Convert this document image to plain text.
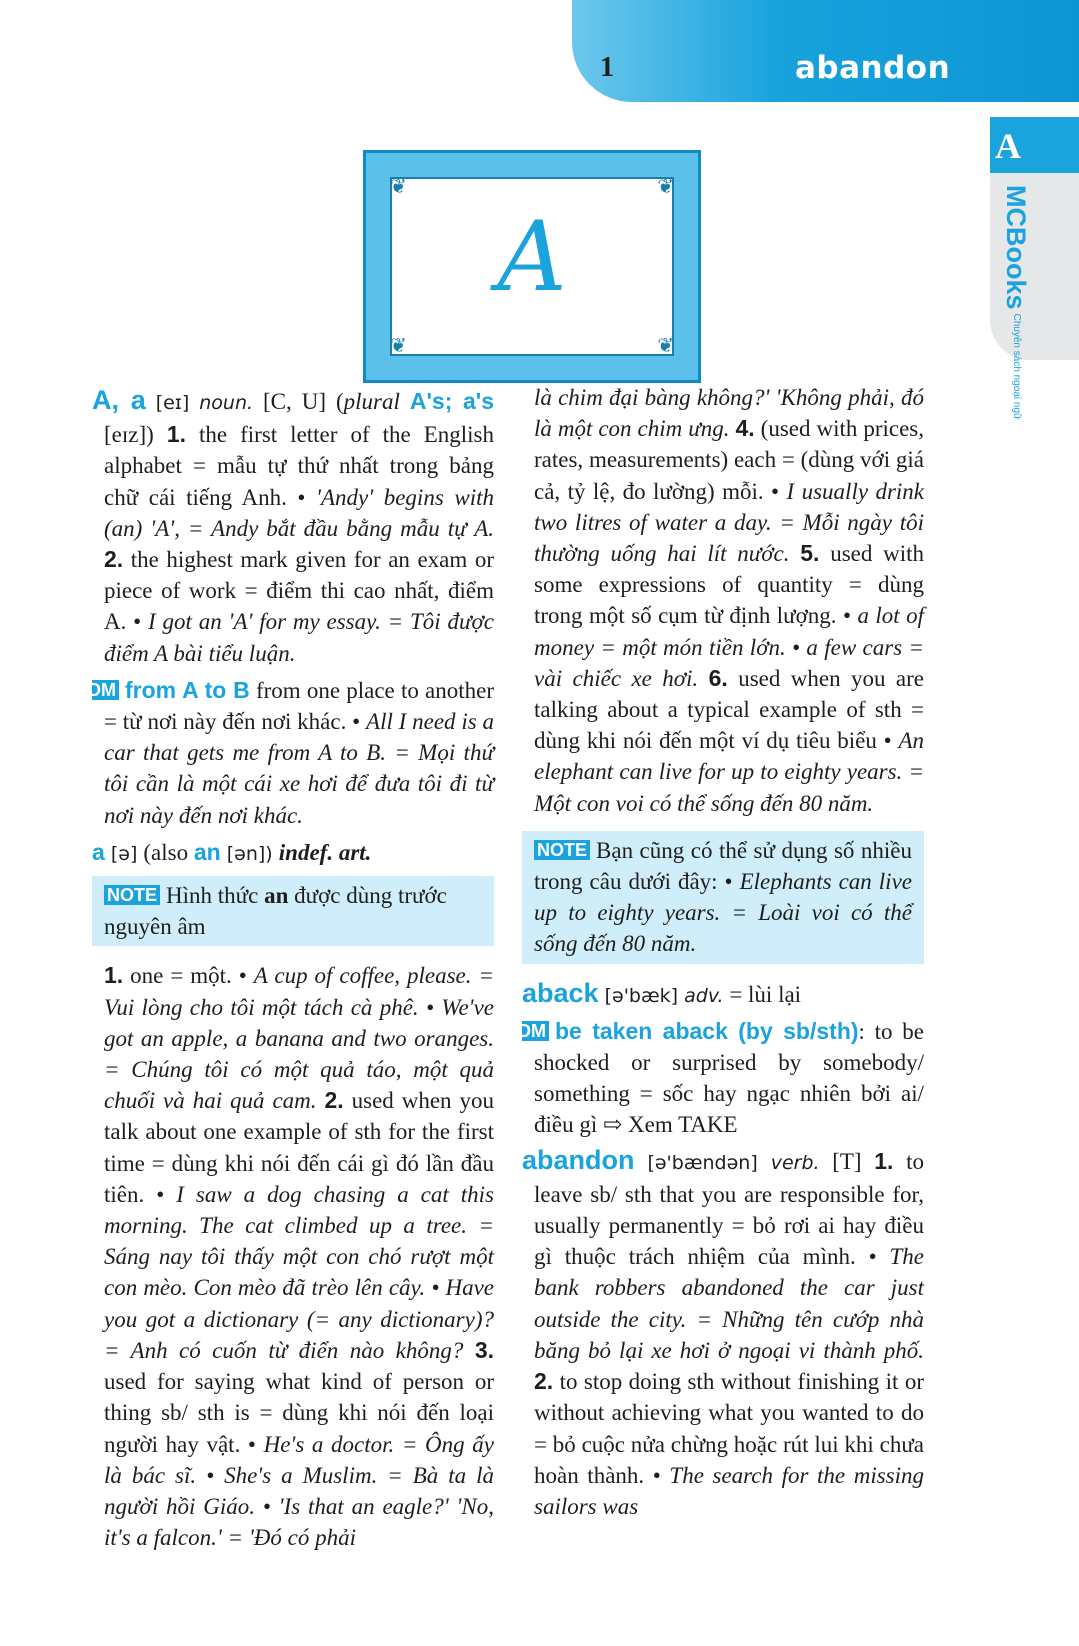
1	abandon
A
MCBooks Chuyên sách ngoại ngữ
❦	❦
❦	❦
A

A, a [eɪ] noun. [C, U] (plural A's; a's [eɪz]) 1. the first letter of the English alphabet = mẫu tự thứ nhất trong bảng chữ cái tiếng Anh. • 'Andy' begins with (an) 'A', = Andy bắt đầu bằng mẫu tự A. 2. the highest mark given for an exam or piece of work = điểm thi cao nhất, điểm A. • I got an 'A' for my essay. = Tôi được điểm A bài tiểu luận.

IDM from A to B from one place to another = từ nơi này đến nơi khác. • All I need is a car that gets me from A to B. = Mọi thứ tôi cần là một cái xe hơi để đưa tôi đi từ nơi này đến nơi khác.

a [ə] (also an [ən]) indef. art.

NOTE Hình thức an được dùng trước nguyên âm

1. one = một. • A cup of coffee, please. = Vui lòng cho tôi một tách cà phê. • We've got an apple, a banana and two oranges. = Chúng tôi có một quả táo, một quả chuối và hai quả cam. 2. used when you talk about one example of sth for the first time = dùng khi nói đến cái gì đó lần đầu tiên. • I saw a dog chasing a cat this morning. The cat climbed up a tree. = Sáng nay tôi thấy một con chó rượt một con mèo. Con mèo đã trèo lên cây. • Have you got a dictionary (= any dictionary)? = Anh có cuốn từ điển nào không? 3. used for saying what kind of person or thing sb/ sth is = dùng khi nói đến loại người hay vật. • He's a doctor. = Ông ấy là bác sĩ. • She's a Muslim. = Bà ta là người hồi Giáo. • 'Is that an eagle?' 'No, it's a falcon.' = 'Đó có phải

là chim đại bàng không?' 'Không phải, đó là một con chim ưng. 4. (used with prices, rates, measurements) each = (dùng với giá cả, tỷ lệ, đo lường) mỗi. • I usually drink two litres of water a day. = Mỗi ngày tôi thường uống hai lít nước. 5. used with some expressions of quantity = dùng trong một số cụm từ định lượng. • a lot of money = một món tiền lớn. • a few cars = vài chiếc xe hơi. 6. used when you are talking about a typical example of sth = dùng khi nói đến một ví dụ tiêu biểu • An elephant can live for up to eighty years. = Một con voi có thể sống đến 80 năm.

NOTE Bạn cũng có thể sử dụng số nhiều trong câu dưới đây: • Elephants can live up to eighty years. = Loài voi có thể sống đến 80 năm.

aback [ə'bæk] adv. = lùi lại

IDM be taken aback (by sb/sth): to be shocked or surprised by somebody/ something = sốc hay ngạc nhiên bởi ai/ điều gì ⇨ Xem TAKE

abandon [ə'bændən] verb. [T] 1. to leave sb/ sth that you are responsible for, usually permanently = bỏ rơi ai hay điều gì thuộc trách nhiệm của mình. • The bank robbers abandoned the car just outside the city. = Những tên cướp nhà băng bỏ lại xe hơi ở ngoại vi thành phố. 2. to stop doing sth without finishing it or without achieving what you wanted to do = bỏ cuộc nửa chừng hoặc rút lui khi chưa hoàn thành. • The search for the missing sailors was
